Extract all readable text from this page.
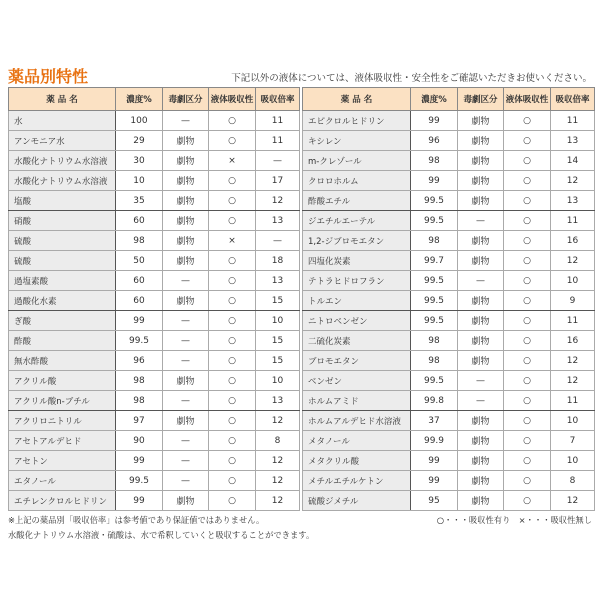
薬品別特性	下記以外の液体については、液体吸収性・安全性をご確認いただきお使いください。
薬 品 名	濃度%	毒劇区分	液体吸収性	吸収倍率
水	100	—	○	11
アンモニア水	29	劇物	○	11
水酸化ナトリウム水溶液	30	劇物	×	—
水酸化ナトリウム水溶液	10	劇物	○	17
塩酸	35	劇物	○	12
硝酸	60	劇物	○	13
硫酸	98	劇物	×	—
硫酸	50	劇物	○	18
過塩素酸	60	—	○	13
過酸化水素	60	劇物	○	15
ぎ酸	99	—	○	10
酢酸	99.5	—	○	15
無水酢酸	96	—	○	15
アクリル酸	98	劇物	○	10
アクリル酸n-ブチル	98	—	○	13
アクリロニトリル	97	劇物	○	12
アセトアルデヒド	90	—	○	8
アセトン	99	—	○	12
エタノール	99.5	—	○	12
エチレンクロルヒドリン	99	劇物	○	12
薬 品 名	濃度%	毒劇区分	液体吸収性	吸収倍率
エピクロルヒドリン	99	劇物	○	11
キシレン	96	劇物	○	13
m-クレゾール	98	劇物	○	14
クロロホルム	99	劇物	○	12
酢酸エチル	99.5	劇物	○	13
ジエチルエーテル	99.5	—	○	11
1,2-ジブロモエタン	98	劇物	○	16
四塩化炭素	99.7	劇物	○	12
テトラヒドロフラン	99.5	—	○	10
トルエン	99.5	劇物	○	9
ニトロベンゼン	99.5	劇物	○	11
二硫化炭素	98	劇物	○	16
ブロモエタン	98	劇物	○	12
ベンゼン	99.5	—	○	12
ホルムアミド	99.8	—	○	11
ホルムアルデヒド水溶液	37	劇物	○	10
メタノール	99.9	劇物	○	7
メタクリル酸	99	劇物	○	10
メチルエチルケトン	99	劇物	○	8
硫酸ジメチル	95	劇物	○	12
※上記の薬品別「吸収倍率」は参考値であり保証値ではありません。
水酸化ナトリウム水溶液・硫酸は、水で希釈していくと吸収することができます。
○・・・吸収性有り　×・・・吸収性無し
